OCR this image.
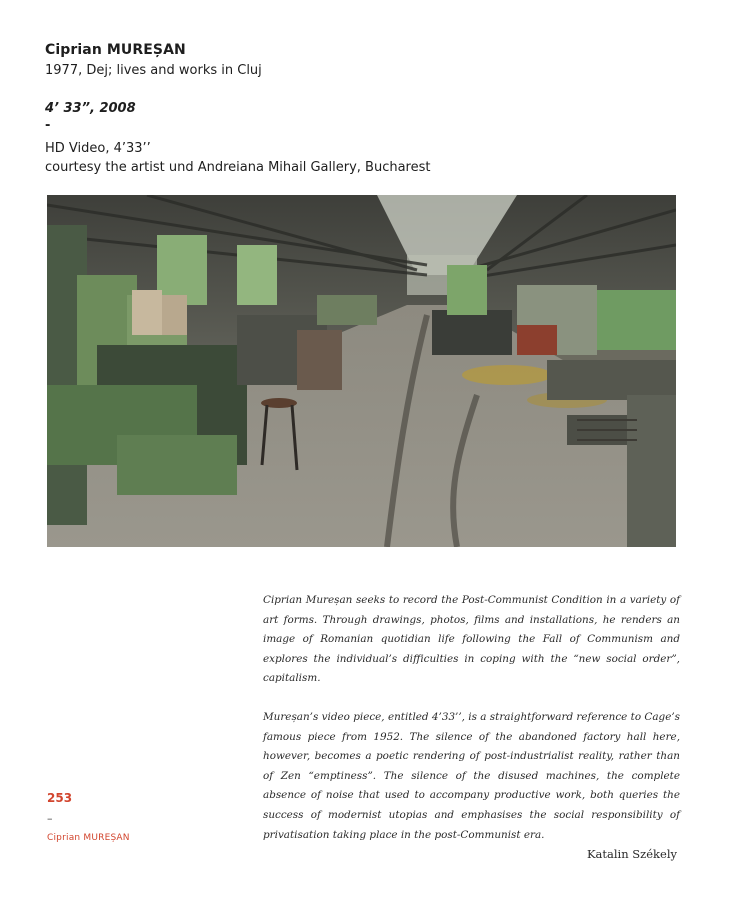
Ciprian MUREȘAN
1977, Dej; lives and works in Cluj
4’ 33”, 2008
-
HD Video, 4’33’’
courtesy the artist und Andreiana Mihail Gallery, Bucharest

Ciprian Mureșan seeks to record the Post-Communist Condition in a variety of art forms. Through drawings, photos, films and installations, he renders an image of Romanian quotidian life following the Fall of Communism and explores the individual’s difficulties in coping with the “new social order”, capitalism.

Mureșan’s video piece, entitled 4’33’’, is a straightforward reference to Cage’s famous piece from 1952. The silence of the abandoned factory hall here, however, becomes a poetic rendering of post-industrialist reality, rather than of Zen “emptiness”. The silence of the disused machines, the complete absence of noise that used to accompany productive work, both queries the success of modernist utopias and emphasises the social responsibility of privatisation taking place in the post-Communist era.

253
–
Ciprian MUREȘAN
Katalin Székely
